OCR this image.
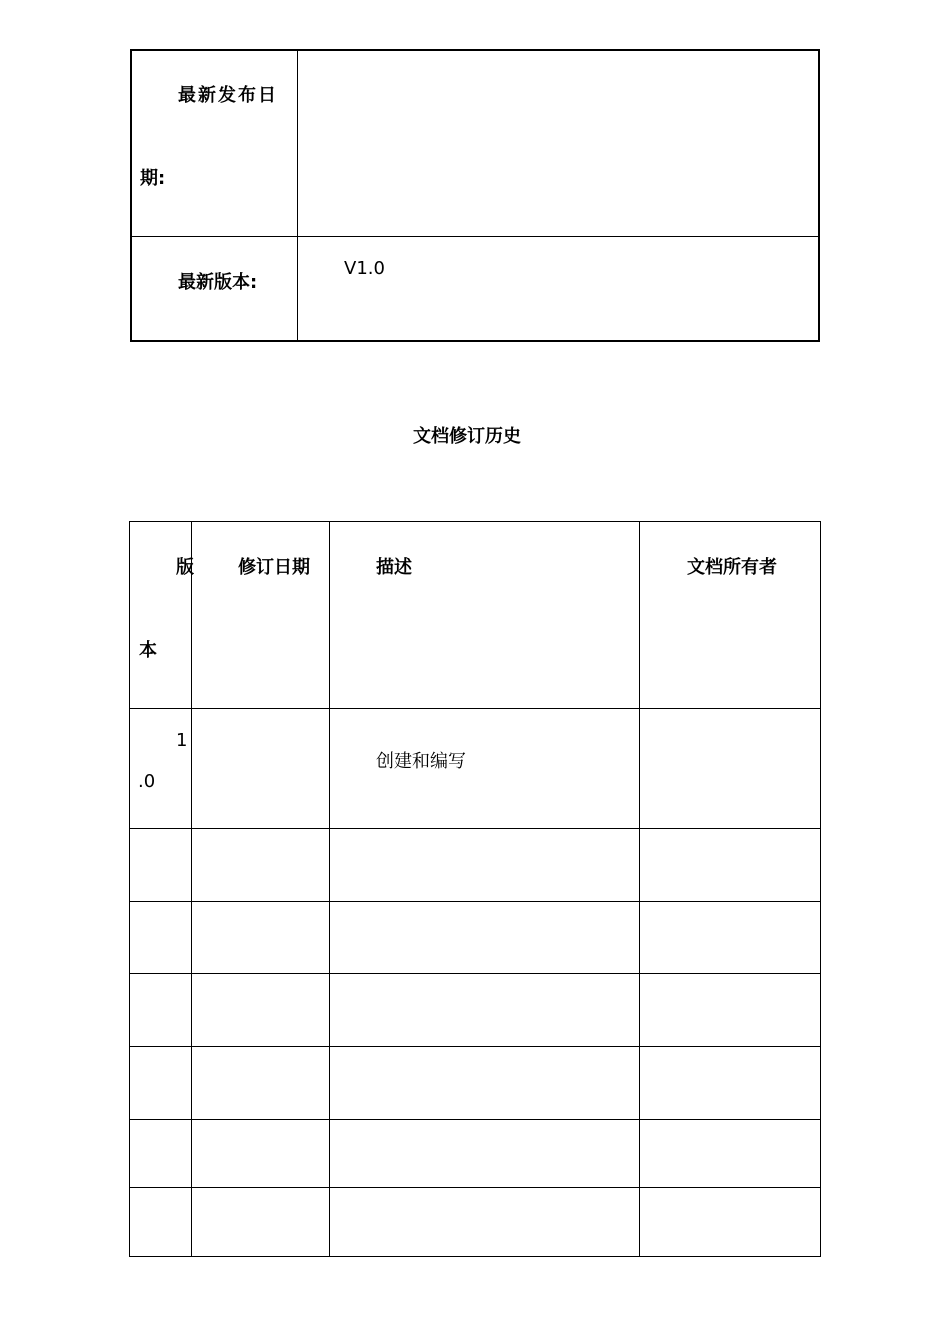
最新发布日
期:
最新版本:
V1.0
文档修订历史
版
本
修订日期	描述	文档所有者
1
.0
创建和编写
